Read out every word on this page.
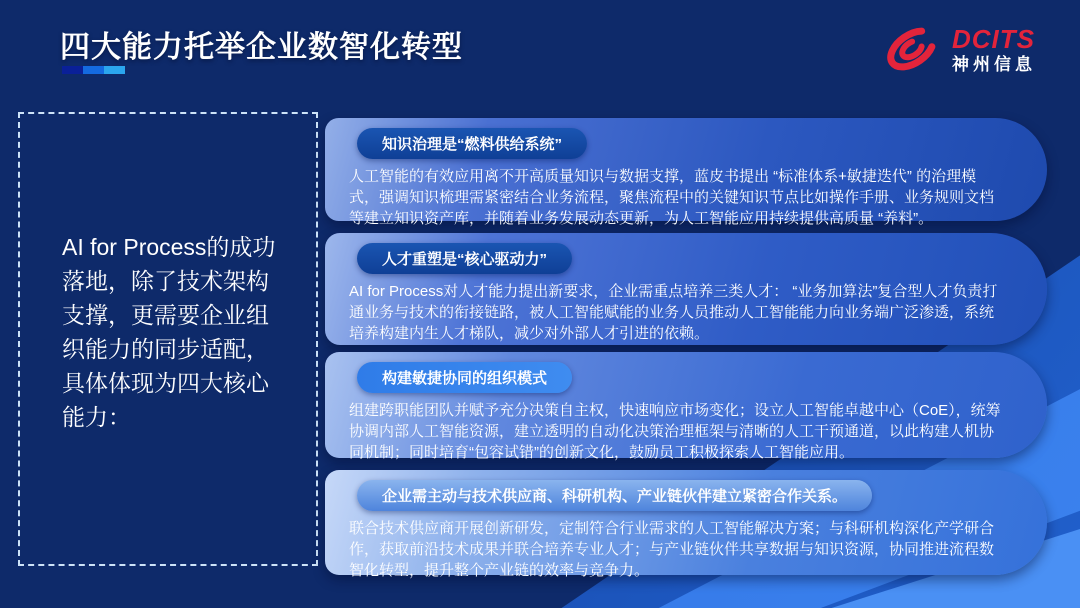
四大能力托举企业数智化转型	DCITS
神州信息

AI for Process的成功落地，除了技术架构支撑，更需要企业组织能力的同步适配，具体体现为四大核心能力：

知识治理是“燃料供给系统”

人工智能的有效应用离不开高质量知识与数据支撑，蓝皮书提出 “标准体系+敏捷迭代” 的治理模式，强调知识梳理需紧密结合业务流程，聚焦流程中的关键知识节点比如操作手册、业务规则文档等建立知识资产库，并随着业务发展动态更新，为人工智能应用持续提供高质量 “养料”。

人才重塑是“核心驱动力”

AI for Process对人才能力提出新要求，企业需重点培养三类人才： “业务加算法”复合型人才负责打通业务与技术的衔接链路，被人工智能赋能的业务人员推动人工智能能力向业务端广泛渗透，系统培养构建内生人才梯队，减少对外部人才引进的依赖。

构建敏捷协同的组织模式

组建跨职能团队并赋予充分决策自主权，快速响应市场变化；设立人工智能卓越中心（CoE），统筹协调内部人工智能资源，建立透明的自动化决策治理框架与清晰的人工干预通道，以此构建人机协同机制；同时培育“包容试错”的创新文化，鼓励员工积极探索人工智能应用。

企业需主动与技术供应商、科研机构、产业链伙伴建立紧密合作关系。

联合技术供应商开展创新研发，定制符合行业需求的人工智能解决方案；与科研机构深化产学研合作，获取前沿技术成果并联合培养专业人才；与产业链伙伴共享数据与知识资源，协同推进流程数智化转型，提升整个产业链的效率与竞争力。
